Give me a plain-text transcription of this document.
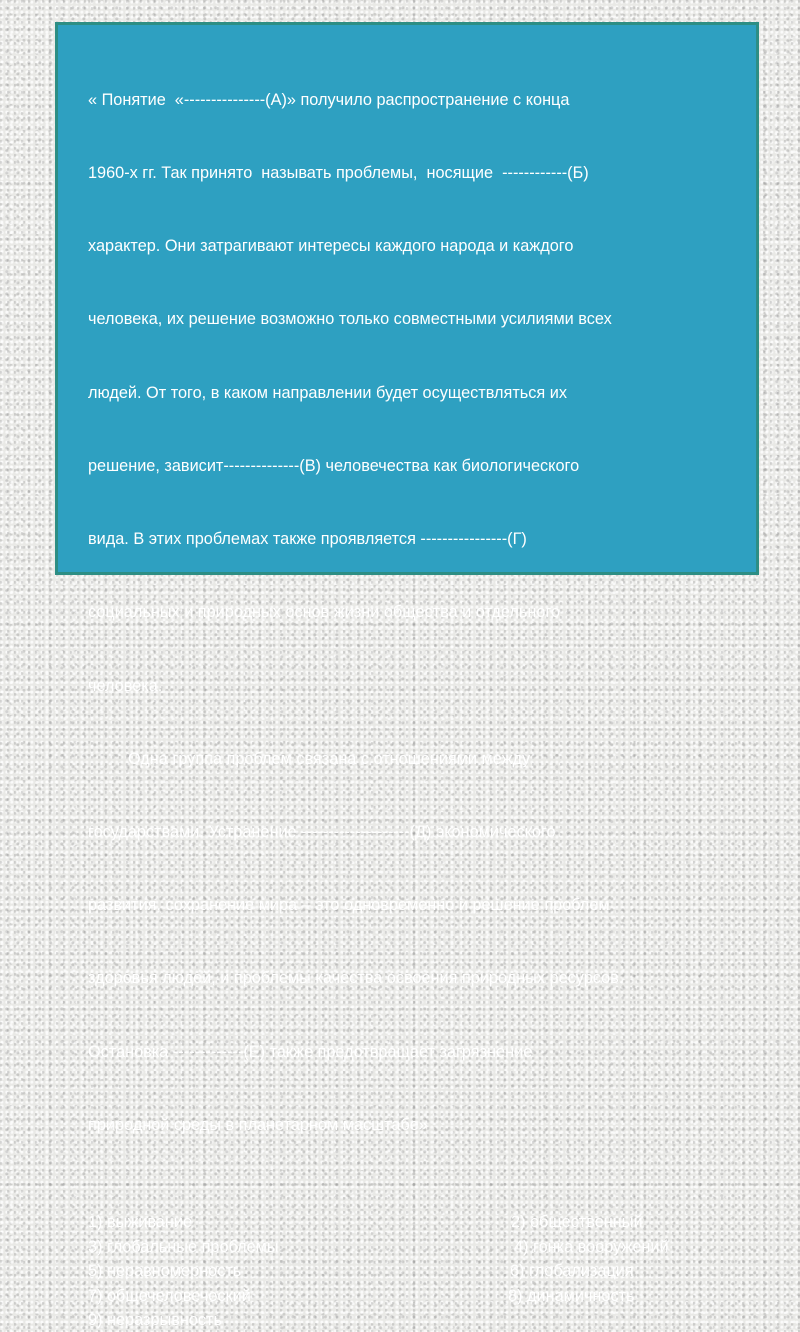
« Понятие  «---------------(А)» получило распространение с конца

1960-х гг. Так принято  называть проблемы,  носящие  ------------(Б)

характер. Они затрагивают интересы каждого народа и каждого

человека, их решение возможно только совместными усилиями всех

людей. От того, в каком направлении будет осуществляться их

решение, зависит--------------(В) человечества как биологического

вида. В этих проблемах также проявляется ----------------(Г)

социальных и природных основ жизни общества и отдельного

человека.

Одна группа проблем связана с отношениями между

государствами. Устранение --------------------(Д) экономического

развития, сохранение мира – это одновременно и решение проблем

здоровья людей, и проблемы качества освоения природных ресурсов.

Остановка -------------(Е) также предотвращает загрязнение

природной среды в планетарном масштабе»

1) выживание	2) общественный
3) глобальные проблемы	4) гонка вооружений
5) неравномерность	6) глобализация
7) общечеловеческий	8) динамичность
9) неразрывность
